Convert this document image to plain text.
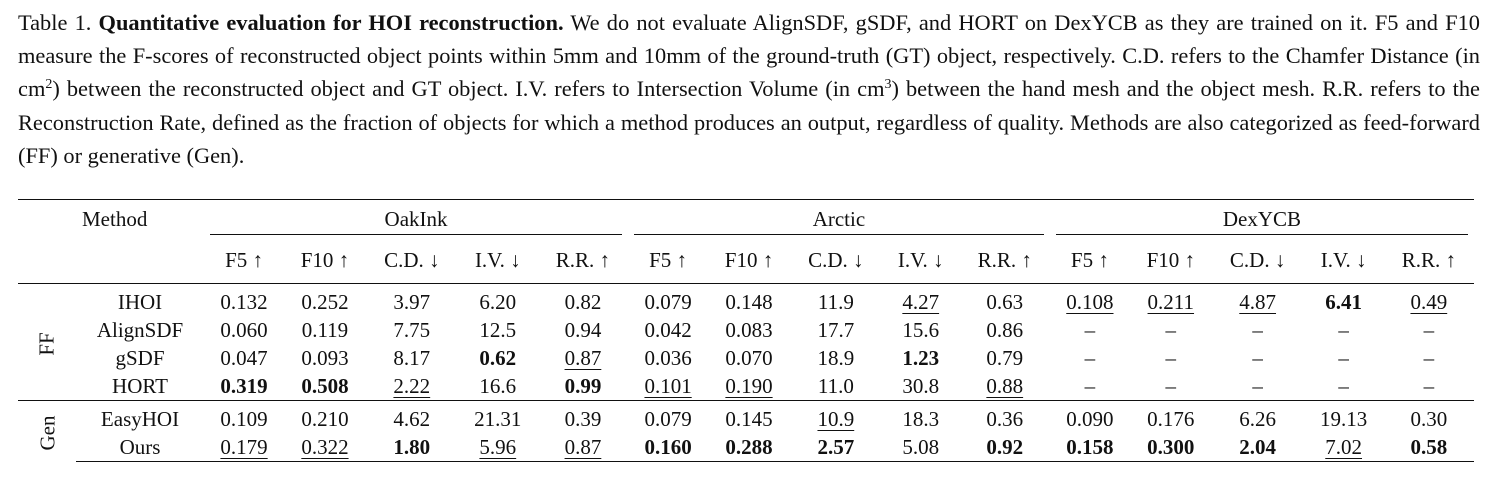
Table 1. Quantitative evaluation for HOI reconstruction. We do not evaluate AlignSDF, gSDF, and HORT on DexYCB as they are trained on it. F5 and F10 measure the F-scores of reconstructed object points within 5mm and 10mm of the ground-truth (GT) object, respectively. C.D. refers to the Chamfer Distance (in $cm^2$) between the reconstructed object and GT object. I.V. refers to Intersection Volume (in $cm^3$) between the hand mesh and the object mesh. R.R. refers to the Reconstruction Rate, defined as the fraction of objects for which a method produces an output, regardless of quality. Methods are also categorized as feed-forward (FF) or generative (Gen).

	Method	OakInk					Arctic					DexYCB				
		F5 ↑	F10 ↑	C.D. ↓	I.V. ↓	R.R. ↑	F5 ↑	F10 ↑	C.D. ↓	I.V. ↓	R.R. ↑	F5 ↑	F10 ↑	C.D. ↓	I.V. ↓	R.R. ↑
FF	IHOI	0.132	0.252	3.97	6.20	0.82	0.079	0.148	11.9	4.27	0.63	0.108	0.211	4.87	6.41	0.49
	AlignSDF	0.060	0.119	7.75	12.5	0.94	0.042	0.083	17.7	15.6	0.86	–	–	–	–	–
	gSDF	0.047	0.093	8.17	0.62	0.87	0.036	0.070	18.9	1.23	0.79	–	–	–	–	–
	HORT	0.319	0.508	2.22	16.6	0.99	0.101	0.190	11.0	30.8	0.88	–	–	–	–	–
Gen	EasyHOI	0.109	0.210	4.62	21.31	0.39	0.079	0.145	10.9	18.3	0.36	0.090	0.176	6.26	19.13	0.30
	Ours	0.179	0.322	1.80	5.96	0.87	0.160	0.288	2.57	5.08	0.92	0.158	0.300	2.04	7.02	0.58
